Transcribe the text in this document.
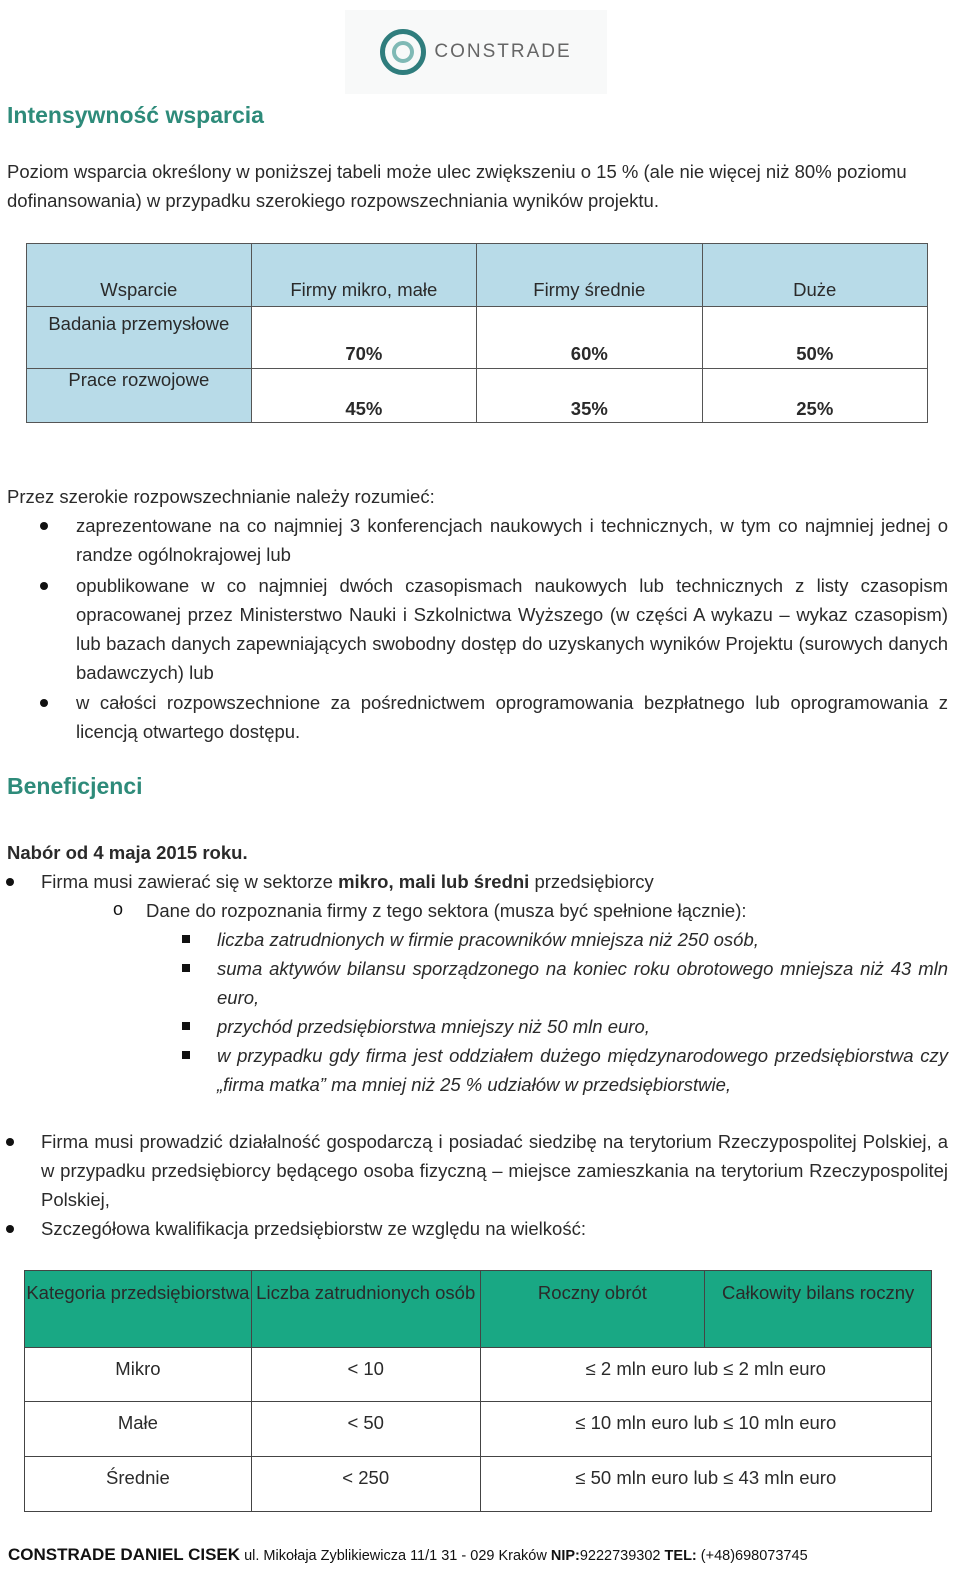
CONSTRADE
Intensywność wsparcia

Poziom wsparcia określony w poniższej tabeli może ulec zwiększeniu o 15 % (ale nie więcej niż 80% poziomu dofinansowania) w przypadku szerokiego rozpowszechniania wyników projektu.

Wsparcie	Firmy mikro, małe	Firmy średnie	Duże
Badania przemysłowe	70%	60%	50%
Prace rozwojowe	45%	35%	25%

Przez szerokie rozpowszechnianie należy rozumieć:

zaprezentowane na co najmniej 3 konferencjach naukowych i technicznych, w tym co najmniej jednej o randze ogólnokrajowej lub
opublikowane w co najmniej dwóch czasopismach naukowych lub technicznych z listy czasopism opracowanej przez Ministerstwo Nauki i Szkolnictwa Wyższego (w części A wykazu – wykaz czasopism) lub bazach danych zapewniających swobodny dostęp do uzyskanych wyników Projektu (surowych danych badawczych) lub
w całości rozpowszechnione za pośrednictwem oprogramowania bezpłatnego lub oprogramowania z licencją otwartego dostępu.
Beneficjenci

Nabór od 4 maja 2015 roku.

Firma musi zawierać się w sektorze mikro, mali lub średni przedsiębiorcy

o Dane do rozpoznania firmy z tego sektora (musza być spełnione łącznie):

liczba zatrudnionych w firmie pracowników mniejsza niż 250 osób,
suma aktywów bilansu sporządzonego na koniec roku obrotowego mniejsza niż 43 mln euro,
przychód przedsiębiorstwa mniejszy niż 50 mln euro,
w przypadku gdy firma jest oddziałem dużego międzynarodowego przedsiębiorstwa czy „firma matka” ma mniej niż 25 % udziałów w przedsiębiorstwie,
Firma musi prowadzić działalność gospodarczą i posiadać siedzibę na terytorium Rzeczypospolitej Polskiej, a w przypadku przedsiębiorcy będącego osoba fizyczną – miejsce zamieszkania na terytorium Rzeczypospolitej Polskiej,
Szczegółowa kwalifikacja przedsiębiorstw ze względu na wielkość:
Kategoria przedsiębiorstwa	Liczba zatrudnionych osób	Roczny obrót	Całkowity bilans roczny
Mikro	< 10	≤ 2 mln euro lub ≤ 2 mln euro	
Małe	< 50	≤ 10 mln euro lub ≤ 10 mln euro	
Średnie	< 250	≤ 50 mln euro lub ≤ 43 mln euro	
CONSTRADE DANIEL CISEK ul. Mikołaja Zyblikiewicza 11/1 31 - 029 Kraków NIP:9222739302 TEL: (+48)698073745
